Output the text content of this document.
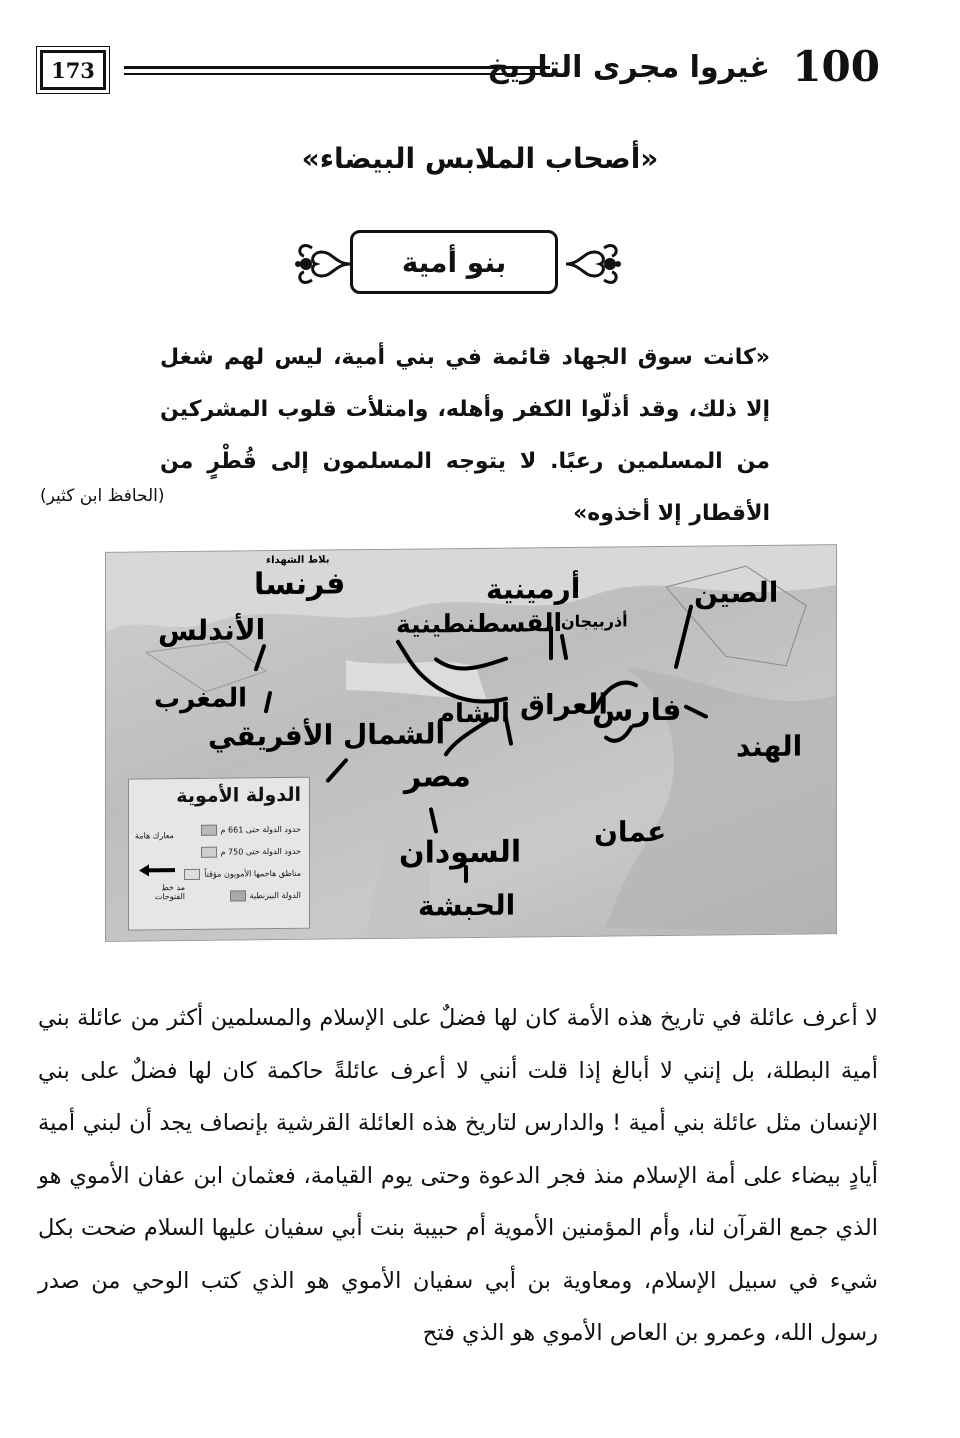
173	غيروا مجرى التاريخ 100
«أصحاب الملابس البيضاء»
بنو أمية
«كانت سوق الجهاد قائمة في بني أمية، ليس لهم شغل إلا ذلك، وقد أذلّوا الكفر وأهله، وامتلأت قلوب المشركين من المسلمين رعبًا. لا يتوجه المسلمون إلى قُطْرٍ من الأقطار إلا أخذوه»
(الحافظ ابن كثير)
فرنسا
بلاط الشهداء
الأندلس
المغرب
الشمال الأفريقي
مصر
السودان
الحبشة
الشام
القسطنطينية
أرمينية
أذربيجان
العراق
فارس
الصين
الهند
عمان
الدولة الأموية
حدود الدولة حتى 661 م
حدود الدولة حتى 750 م
مناطق هاجمها الأمويون مؤقتاً
الدولة البيزنطية
معارك هامة
مد خط الفتوحات
لا أعرف عائلة في تاريخ هذه الأمة كان لها فضلٌ على الإسلام والمسلمين أكثر من عائلة بني أمية البطلة، بل إنني لا أبالغ إذا قلت أنني لا أعرف عائلةً حاكمة كان لها فضلٌ على بني الإنسان مثل عائلة بني أمية ! والدارس لتاريخ هذه العائلة القرشية بإنصاف يجد أن لبني أمية أيادٍ بيضاء على أمة الإسلام منذ فجر الدعوة وحتى يوم القيامة، فعثمان ابن عفان الأموي هو الذي جمع القرآن لنا، وأم المؤمنين الأموية أم حبيبة بنت أبي سفيان عليها السلام ضحت بكل شيء في سبيل الإسلام، ومعاوية بن أبي سفيان الأموي هو الذي كتب الوحي من صدر رسول الله، وعمرو بن العاص الأموي هو الذي فتح
